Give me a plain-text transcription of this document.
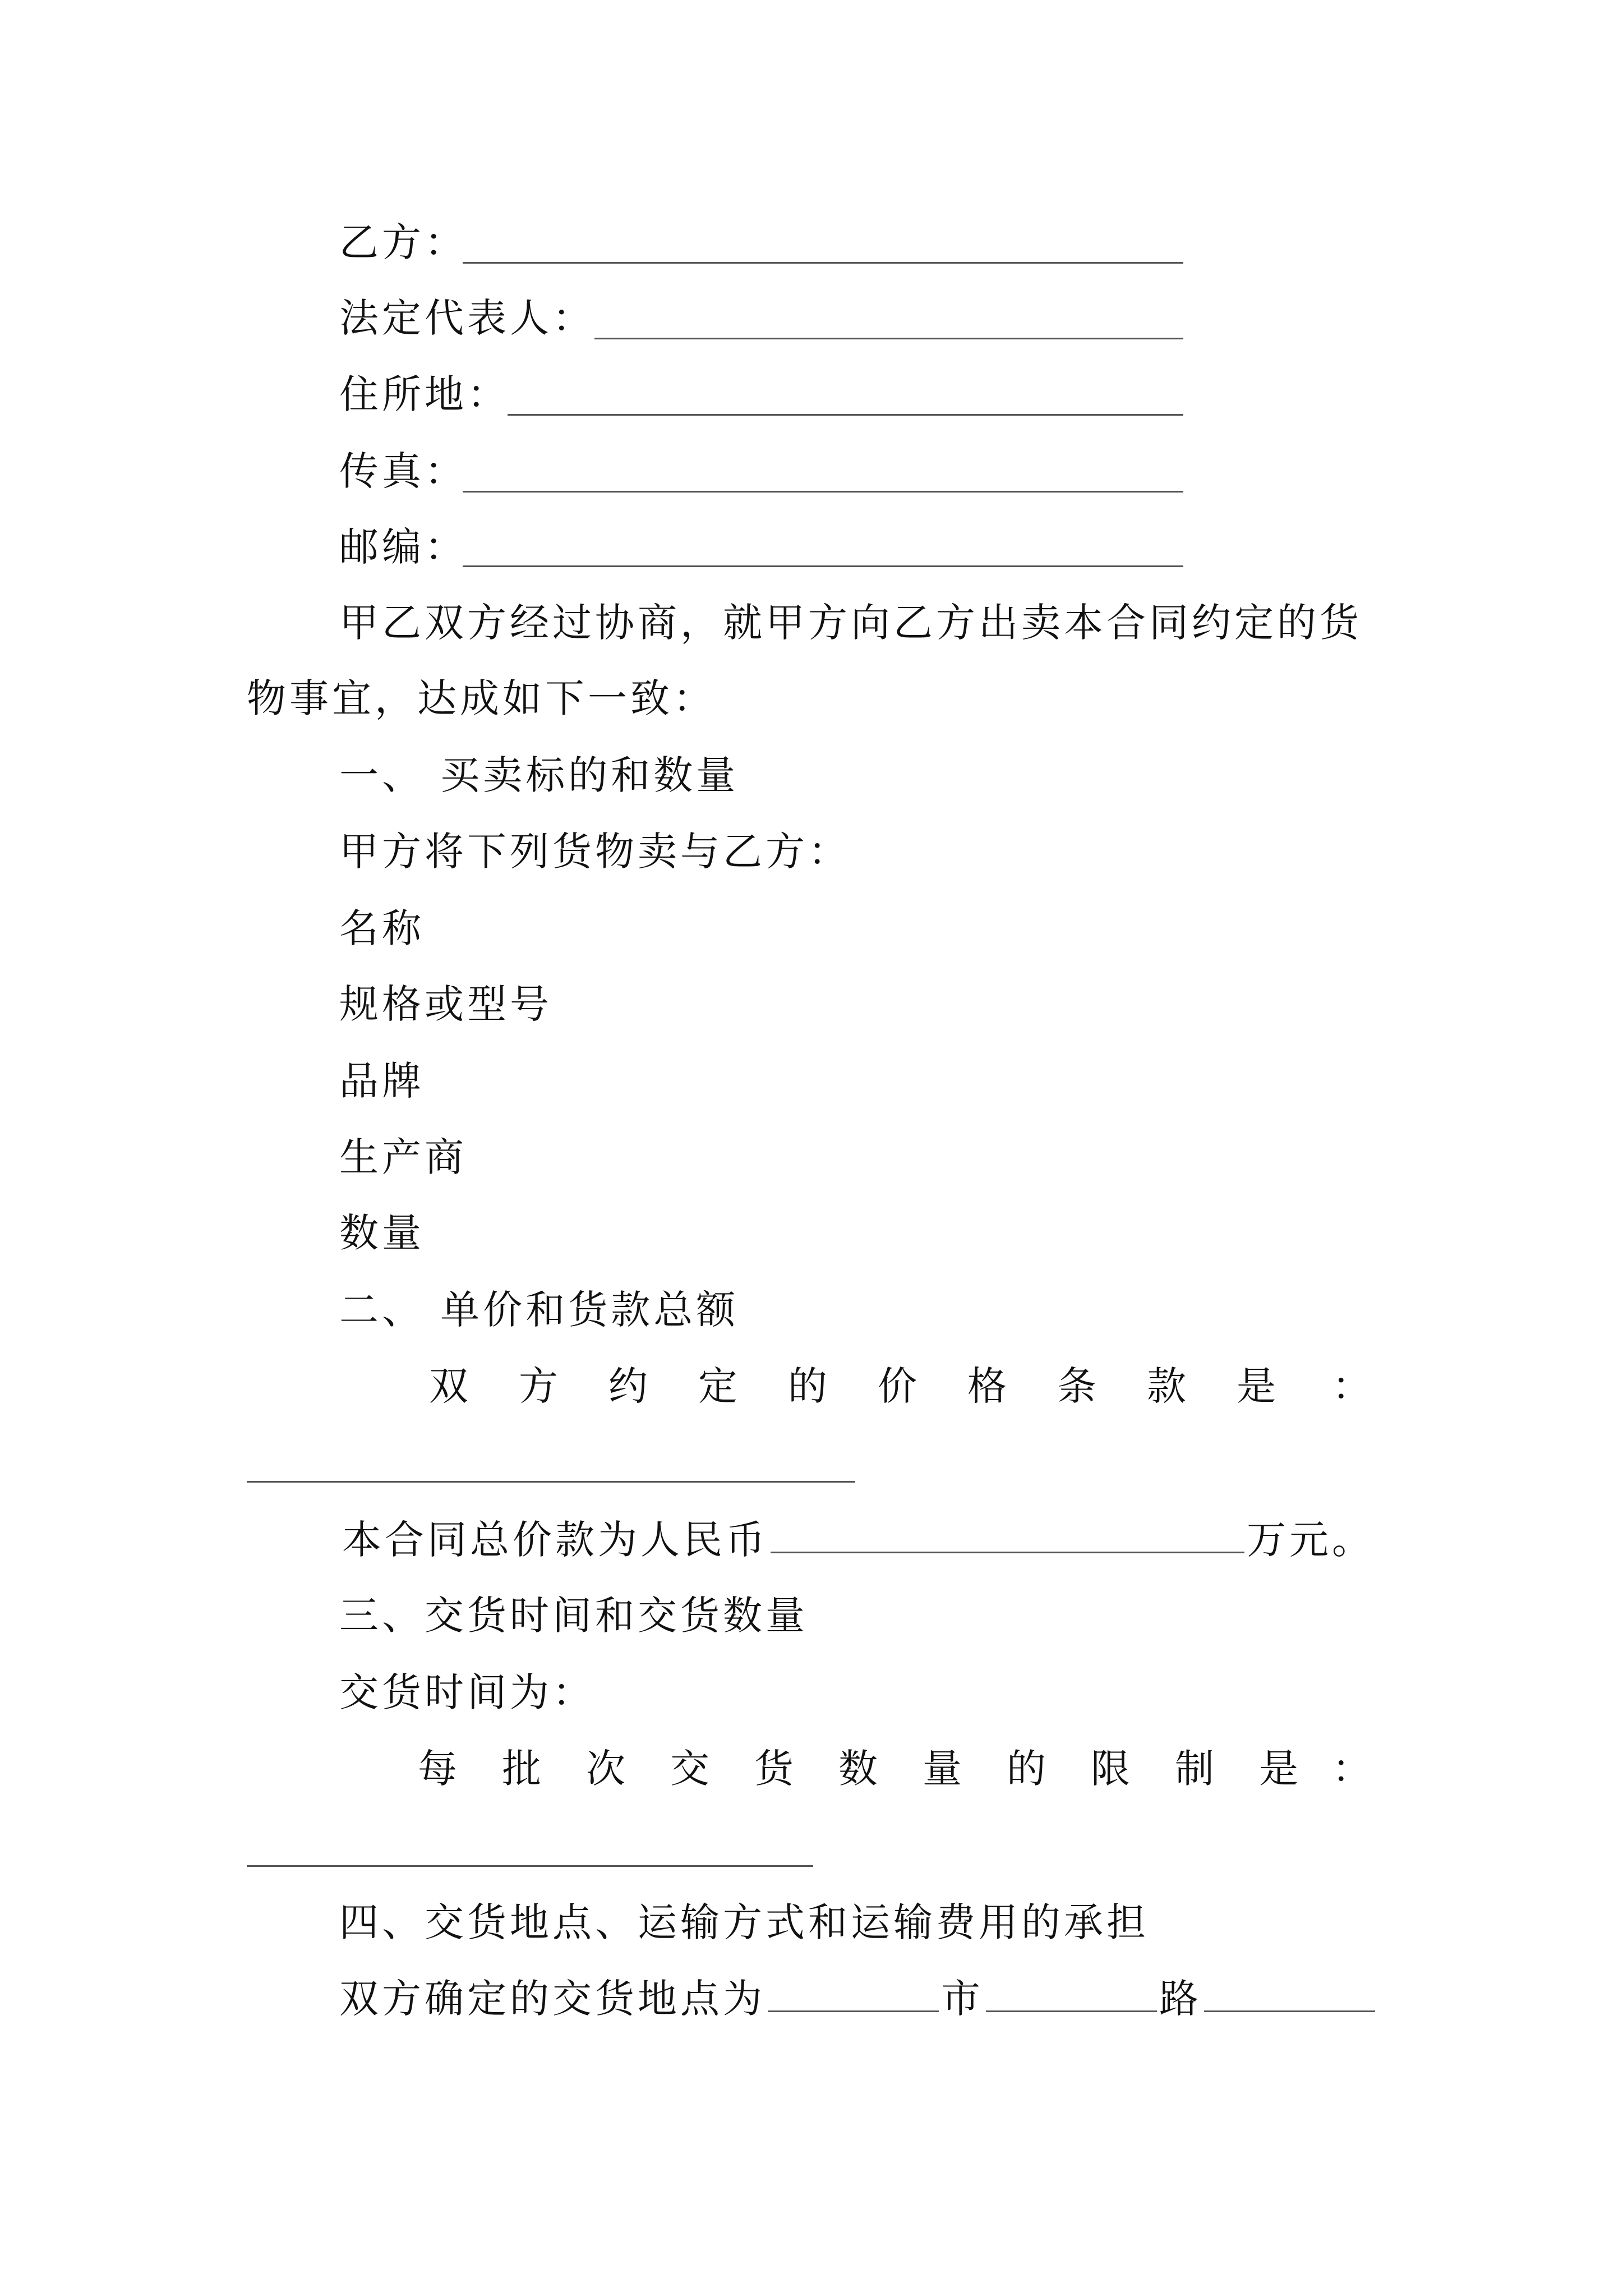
乙方：
法定代表人：
住所地：
传真：
邮编：
甲乙双方经过协商，就甲方向乙方出卖本合同约定的货
物事宜，达成如下一致：
一、 买卖标的和数量
甲方将下列货物卖与乙方：
名称
规格或型号
品牌
生产商
数量
二、 单价和货款总额
双 方 约 定 的 价 格 条 款 是 ：
本合同总价款为人民币	万元。
三、交货时间和交货数量
交货时间为：
每 批 次 交 货 数 量 的 限 制 是 ：
四、交货地点、运输方式和运输费用的承担
双方确定的交货地点为	市	路
